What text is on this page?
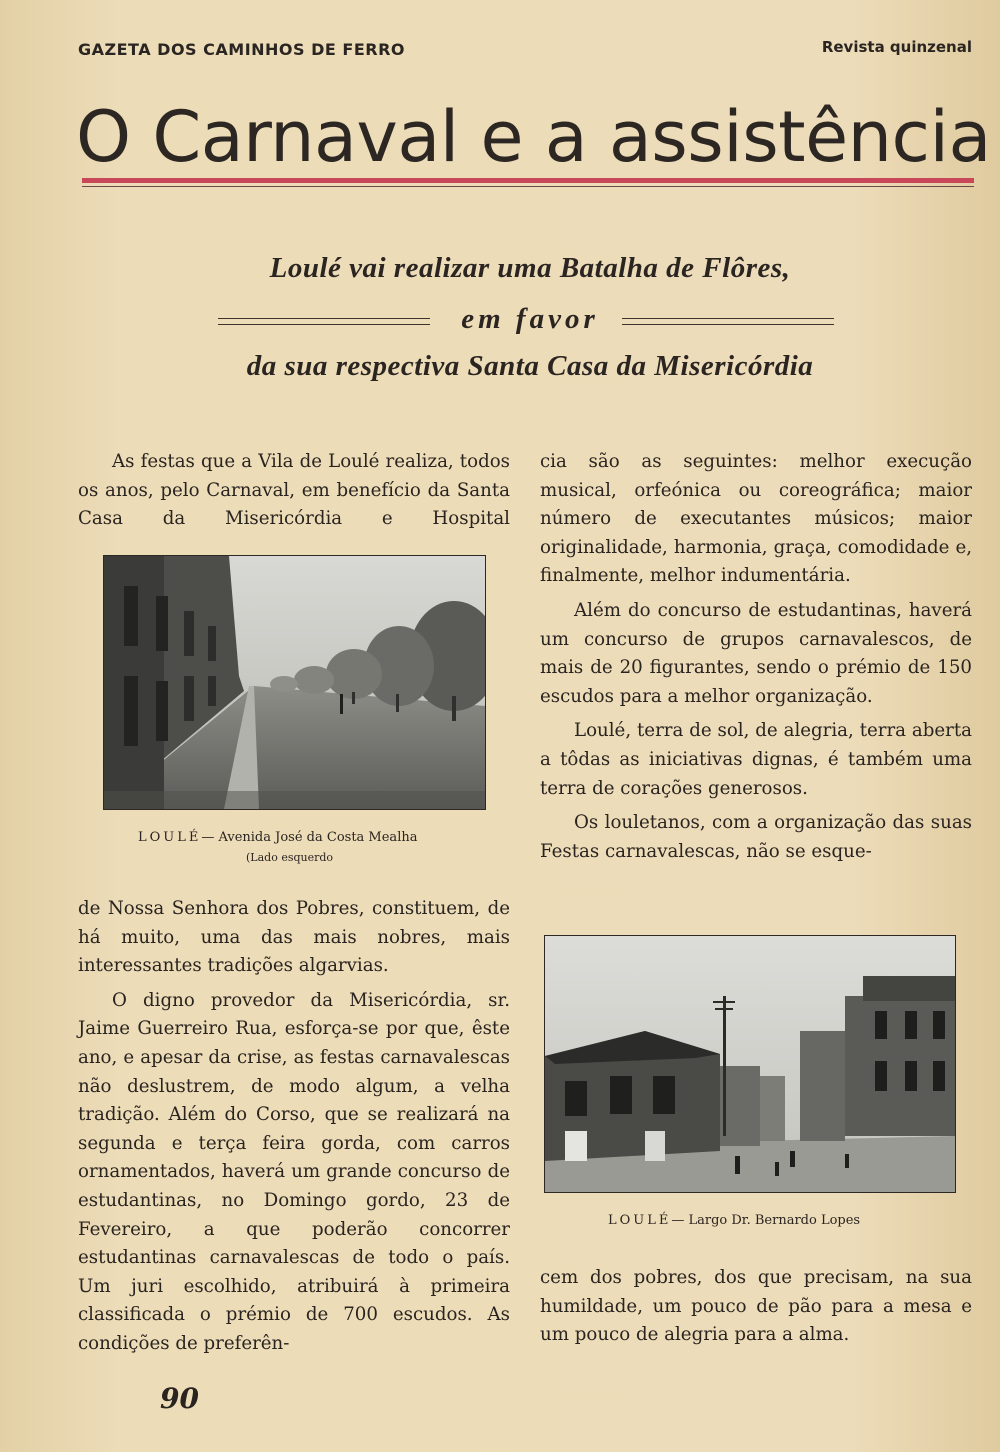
GAZETA DOS CAMINHOS DE FERRO	Revista quinzenal
O Carnaval e a assistência
Loulé vai realizar uma Batalha de Flôres,
em favor
da sua respectiva Santa Casa da Misericórdia

As festas que a Vila de Loulé realiza, todos os anos, pelo Carnaval, em benefício da Santa Casa da Misericórdia e Hospital

LOULÉ— Avenida José da Costa Mealha
(Lado esquerdo

de Nossa Senhora dos Pobres, constituem, de há muito, uma das mais nobres, mais interessantes tradições algarvias.

O digno provedor da Misericórdia, sr. Jaime Guerreiro Rua, esforça-se por que, êste ano, e apesar da crise, as festas carnavalescas não deslustrem, de modo algum, a velha tradição. Além do Corso, que se realizará na segunda e terça feira gorda, com carros ornamentados, haverá um grande concurso de estudantinas, no Domingo gordo, 23 de Fevereiro, a que poderão concorrer estudantinas carnavalescas de todo o país. Um juri escolhido, atribuirá à primeira classificada o prémio de 700 escudos. As condições de preferên-

cia são as seguintes: melhor execução musical, orfeónica ou coreográfica; maior número de executantes músicos; maior originalidade, harmonia, graça, comodidade e, finalmente, melhor indumentária.

Além do concurso de estudantinas, haverá um concurso de grupos carnavalescos, de mais de 20 figurantes, sendo o prémio de 150 escudos para a melhor organização.

Loulé, terra de sol, de alegria, terra aberta a tôdas as iniciativas dignas, é também uma terra de corações generosos.

Os louletanos, com a organização das suas Festas carnavalescas, não se esque-

LOULÉ— Largo Dr. Bernardo Lopes

cem dos pobres, dos que precisam, na sua humildade, um pouco de pão para a mesa e um pouco de alegria para a alma.

90
